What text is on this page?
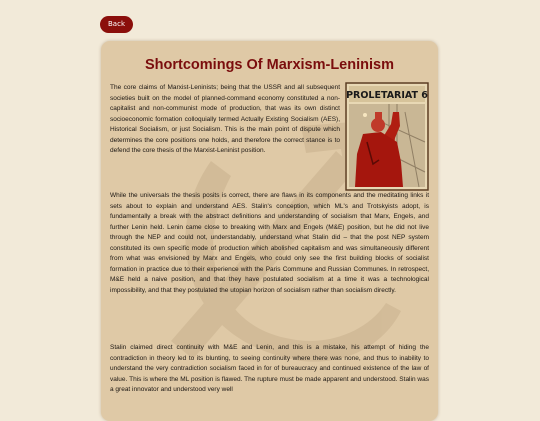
Back
Shortcomings Of Marxism-Leninism
PROLETARIAT 6

The core claims of Marxist-Leninists; being that the USSR and all subsequent societies built on the model of planned-command economy constituted a non-capitalist and non-communist mode of production, that was its own distinct socioeconomic formation colloquially termed Actually Existing Socialism (AES), Historical Socialism, or just Socialism. This is the main point of dispute which determines the core positions one holds, and therefore the correct stance is to defend the core thesis of the Marxist-Leninist position.

While the universals the thesis posits is correct, there are flaws in its components and the meditating links it sets about to explain and understand AES. Stalin's conception, which ML's and Trotskyists adopt, is fundamentally a break with the abstract definitions and understanding of socialism that Marx, Engels, and further Lenin held. Lenin came close to breaking with Marx and Engels (M&E) position, but he did not live through the NEP and could not, understandably, understand what Stalin did – that the post NEP system constituted its own specific mode of production which abolished capitalism and was simultaneously different from what was envisioned by Marx and Engels, who could only see the first building blocks of socialist formation in practice due to their experience with the Paris Commune and Russian Communes. In retrospect, M&E held a naive position, and that they have postulated socialism at a time it was a technological impossibility, and that they postulated the utopian horizon of socialism rather than socialism directly.

Stalin claimed direct continuity with M&E and Lenin, and this is a mistake, his attempt of hiding the contradiction in theory led to its blunting, to seeing continuity where there was none, and thus to inability to understand the very contradiction socialism faced in for of bureaucracy and continued existence of the law of value. This is where the ML position is flawed. The rupture must be made apparent and understood. Stalin was a great innovator and understood very well
